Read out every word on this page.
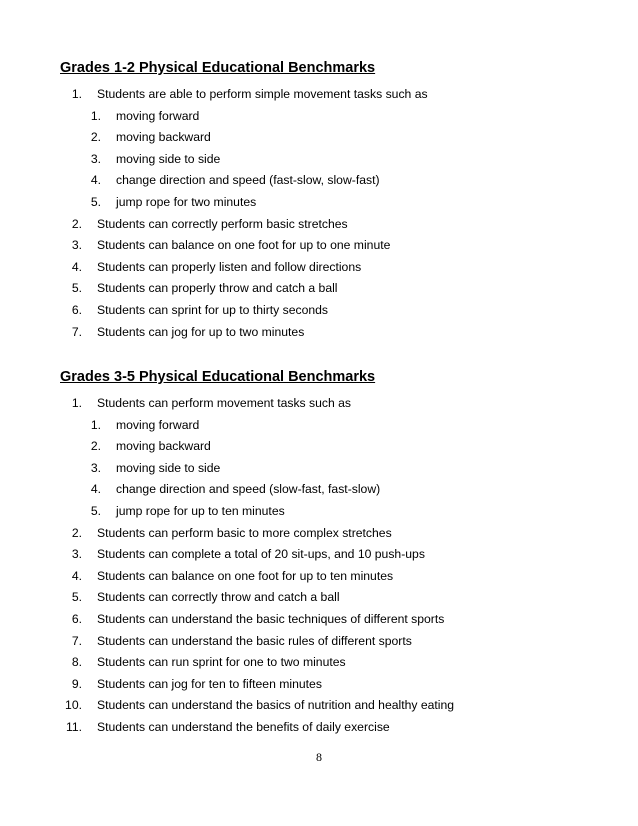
Grades 1-2 Physical Educational Benchmarks
1. Students are able to perform simple movement tasks such as
1. moving forward
2. moving backward
3. moving side to side
4. change direction and speed (fast-slow, slow-fast)
5. jump rope for two minutes
2. Students can correctly perform basic stretches
3. Students can balance on one foot for up to one minute
4. Students can properly listen and follow directions
5. Students can properly throw and catch a ball
6. Students can sprint for up to thirty seconds
7. Students can jog for up to two minutes
Grades 3-5 Physical Educational Benchmarks
1. Students can perform movement tasks such as
1. moving forward
2. moving backward
3. moving side to side
4. change direction and speed (slow-fast, fast-slow)
5. jump rope for up to ten minutes
2. Students can perform basic to more complex stretches
3. Students can complete a total of 20 sit-ups, and 10 push-ups
4. Students can balance on one foot for up to ten minutes
5. Students can correctly throw and catch a ball
6. Students can understand the basic techniques of different sports
7. Students can understand the basic rules of different sports
8. Students can run sprint for one to two minutes
9. Students can jog for ten to fifteen minutes
10. Students can understand the basics of nutrition and healthy eating
11. Students can understand the benefits of daily exercise
8
